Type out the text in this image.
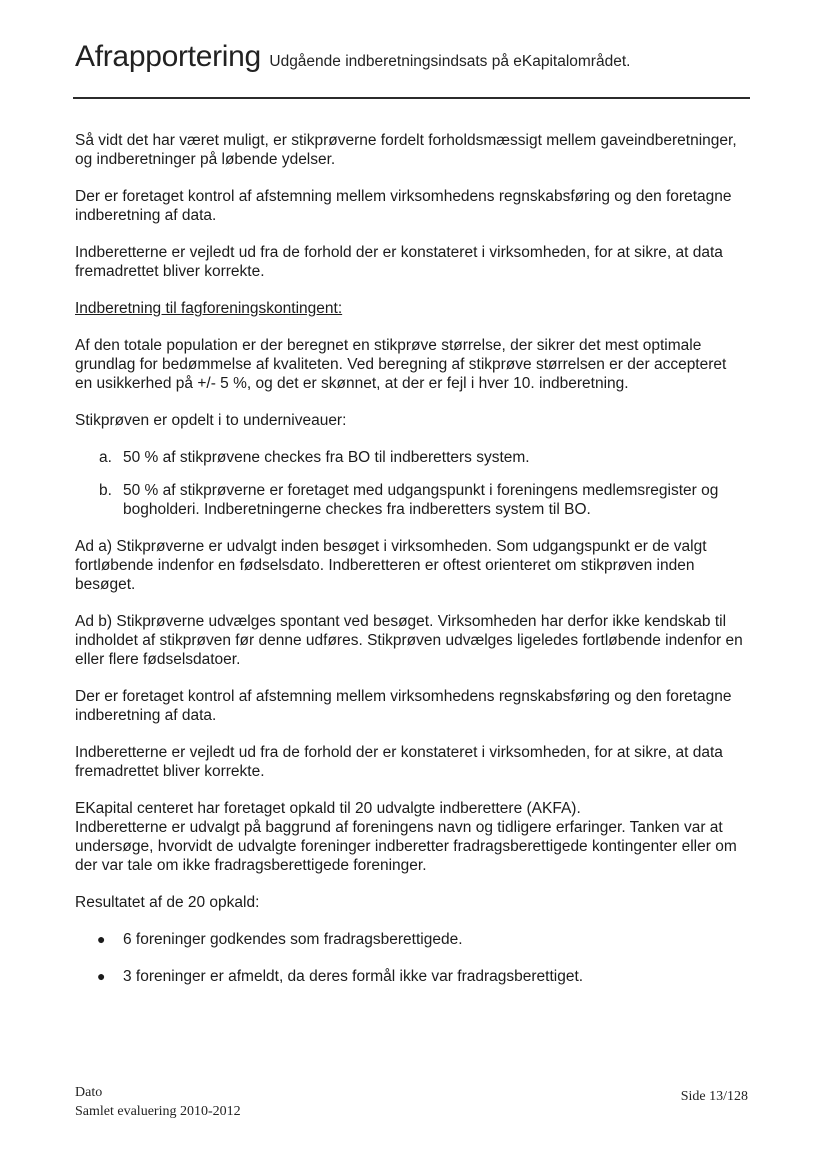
Afrapportering Udgående indberetningsindsats på eKapitalområdet.

Så vidt det har været muligt, er stikprøverne fordelt forholdsmæssigt mellem gaveindberetninger, og indberetninger på løbende ydelser.

Der er foretaget kontrol af afstemning mellem virksomhedens regnskabsføring og den foretagne indberetning af data.

Indberetterne er vejledt ud fra de forhold der er konstateret i virksomheden, for at sikre, at data fremadrettet bliver korrekte.

Indberetning til fagforeningskontingent:

Af den totale population er der beregnet en stikprøve størrelse, der sikrer det mest optimale grundlag for bedømmelse af kvaliteten. Ved beregning af stikprøve størrelsen er der accepteret en usikkerhed på +/- 5 %, og det er skønnet, at der er fejl i hver 10. indberetning.

Stikprøven er opdelt i to underniveauer:

a. 50 % af stikprøvene checkes fra BO til indberetters system.
b. 50 % af stikprøverne er foretaget med udgangspunkt i foreningens medlemsregister og bogholderi. Indberetningerne checkes fra indberetters system til BO.

Ad a) Stikprøverne er udvalgt inden besøget i virksomheden. Som udgangspunkt er de valgt fortløbende indenfor en fødselsdato. Indberetteren er oftest orienteret om stikprøven inden besøget.

Ad b) Stikprøverne udvælges spontant ved besøget. Virksomheden har derfor ikke kendskab til indholdet af stikprøven før denne udføres. Stikprøven udvælges ligeledes fortløbende indenfor en eller flere fødselsdatoer.

Der er foretaget kontrol af afstemning mellem virksomhedens regnskabsføring og den foretagne indberetning af data.

Indberetterne er vejledt ud fra de forhold der er konstateret i virksomheden, for at sikre, at data fremadrettet bliver korrekte.

EKapital centeret har foretaget opkald til 20 udvalgte indberettere (AKFA).
Indberetterne er udvalgt på baggrund af foreningens navn og tidligere erfaringer. Tanken var at undersøge, hvorvidt de udvalgte foreninger indberetter fradragsberettigede kontingenter eller om der var tale om ikke fradragsberettigede foreninger.

Resultatet af de 20 opkald:

● 6 foreninger godkendes som fradragsberettigede.
● 3 foreninger er afmeldt, da deres formål ikke var fradragsberettiget.
Dato
Samlet evaluering 2010-2012
Side 13/128
